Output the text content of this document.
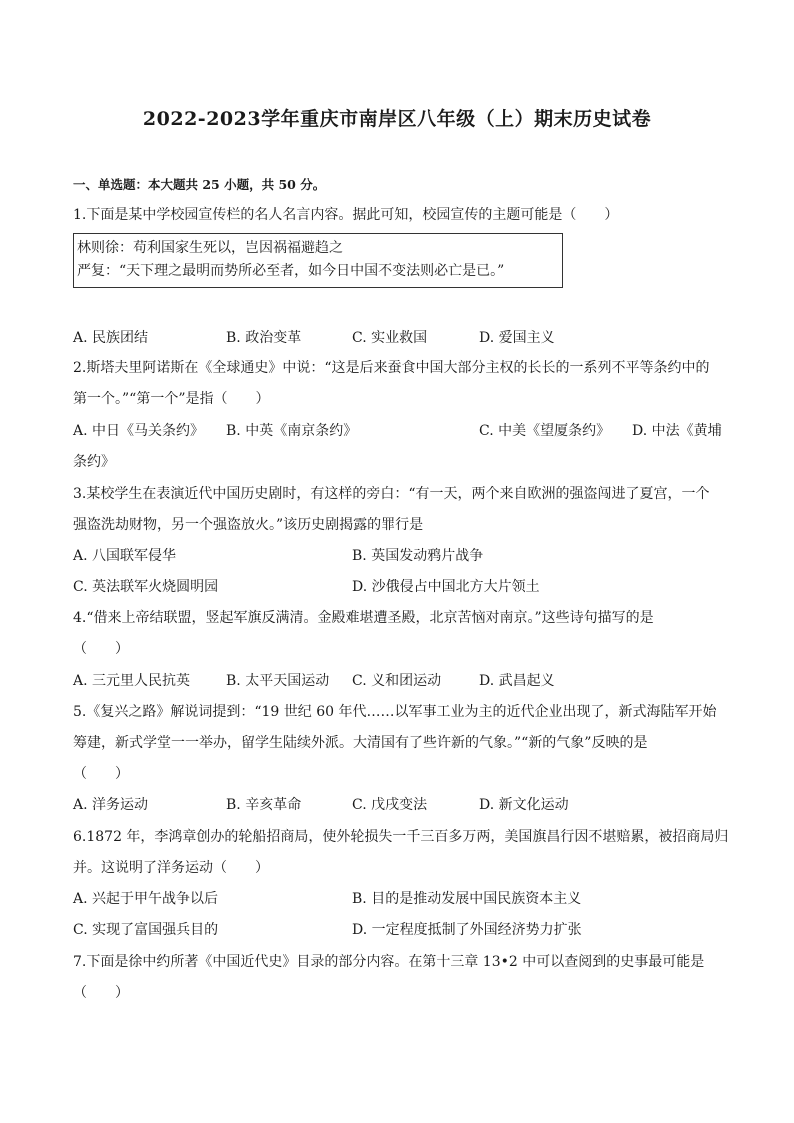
2022-2023学年重庆市南岸区八年级（上）期末历史试卷
一、单选题：本大题共 25 小题，共 50 分。
1.下面是某中学校园宣传栏的名人名言内容。据此可知，校园宣传的主题可能是（　　）
林则徐：苟利国家生死以，岂因祸福避趋之
严复：“天下理之最明而势所必至者，如今日中国不变法则必亡是已。”
A. 民族团结	B. 政治变革	C. 实业救国	D. 爱国主义
2.斯塔夫里阿诺斯在《全球通史》中说：“这是后来蚕食中国大部分主权的长长的一系列不平等条约中的
第一个。”“第一个”是指（　　）
A. 中日《马关条约》 B. 中英《南京条约》	C. 中美《望厦条约》 D. 中法《黄埔
条约》
3.某校学生在表演近代中国历史剧时，有这样的旁白：“有一天，两个来自欧洲的强盗闯进了夏宫，一个
强盗洗劫财物，另一个强盗放火。”该历史剧揭露的罪行是
A. 八国联军侵华	B. 英国发动鸦片战争
C. 英法联军火烧圆明园	D. 沙俄侵占中国北方大片领土
4.“借来上帝结联盟，竖起军旗反满清。金殿难堪遭圣殿，北京苦恼对南京。”这些诗句描写的是
（　　）
A. 三元里人民抗英	B. 太平天国运动 C. 义和团运动	D. 武昌起义
5.《复兴之路》解说词提到：“19 世纪 60 年代……以军事工业为主的近代企业出现了，新式海陆军开始
筹建，新式学堂一一举办，留学生陆续外派。大清国有了些许新的气象。”“新的气象”反映的是
（　　）
A. 洋务运动	B. 辛亥革命	C. 戊戌变法	D. 新文化运动
6.1872 年，李鸿章创办的轮船招商局，使外轮损失一千三百多万两，美国旗昌行因不堪赔累，被招商局归
并。这说明了洋务运动（　　）
A. 兴起于甲午战争以后	B. 目的是推动发展中国民族资本主义
C. 实现了富国强兵目的	D. 一定程度抵制了外国经济势力扩张
7.下面是徐中约所著《中国近代史》目录的部分内容。在第十三章 13•2 中可以查阅到的史事最可能是
（　　）
